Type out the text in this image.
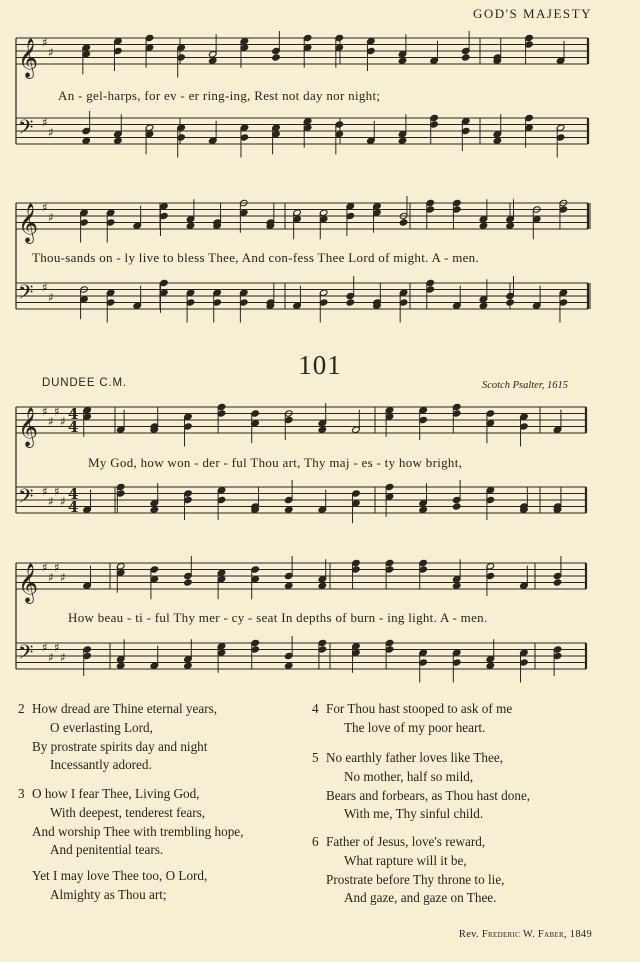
GOD'S MAJESTY
𝄞 ♯
♯
𝄢 ♯
♯
𝄞 ♯
♯
𝄢 ♯
♯
𝄞 ♯
♯
♯
♯
𝄢 ♯
♯
♯
♯
𝄞 ♯
♯
♯
♯
𝄢 ♯
♯
♯
♯
4
4
4
4
An - gel-harps, for ev - er ring-ing, Rest not day nor night;
Thou-sands on - ly live to bless Thee, And con-fess Thee Lord of might. A - men.
101
DUNDEE C.M.	Scotch Psalter, 1615
My God, how won - der - ful Thou art, Thy maj - es - ty how bright,
How beau - ti - ful Thy mer - cy - seat In depths of burn - ing light. A - men.
2 How dread are Thine eternal years,
O everlasting Lord,
By prostrate spirits day and night
Incessantly adored.
3 O how I fear Thee, Living God,
With deepest, tenderest fears,
And worship Thee with trembling hope,
And penitential tears.
Yet I may love Thee too, O Lord,
Almighty as Thou art;
4 For Thou hast stooped to ask of me
The love of my poor heart.
5 No earthly father loves like Thee,
No mother, half so mild,
Bears and forbears, as Thou hast done,
With me, Thy sinful child.
6 Father of Jesus, love's reward,
What rapture will it be,
Prostrate before Thy throne to lie,
And gaze, and gaze on Thee.
Rev. Frederic W. Faber, 1849
